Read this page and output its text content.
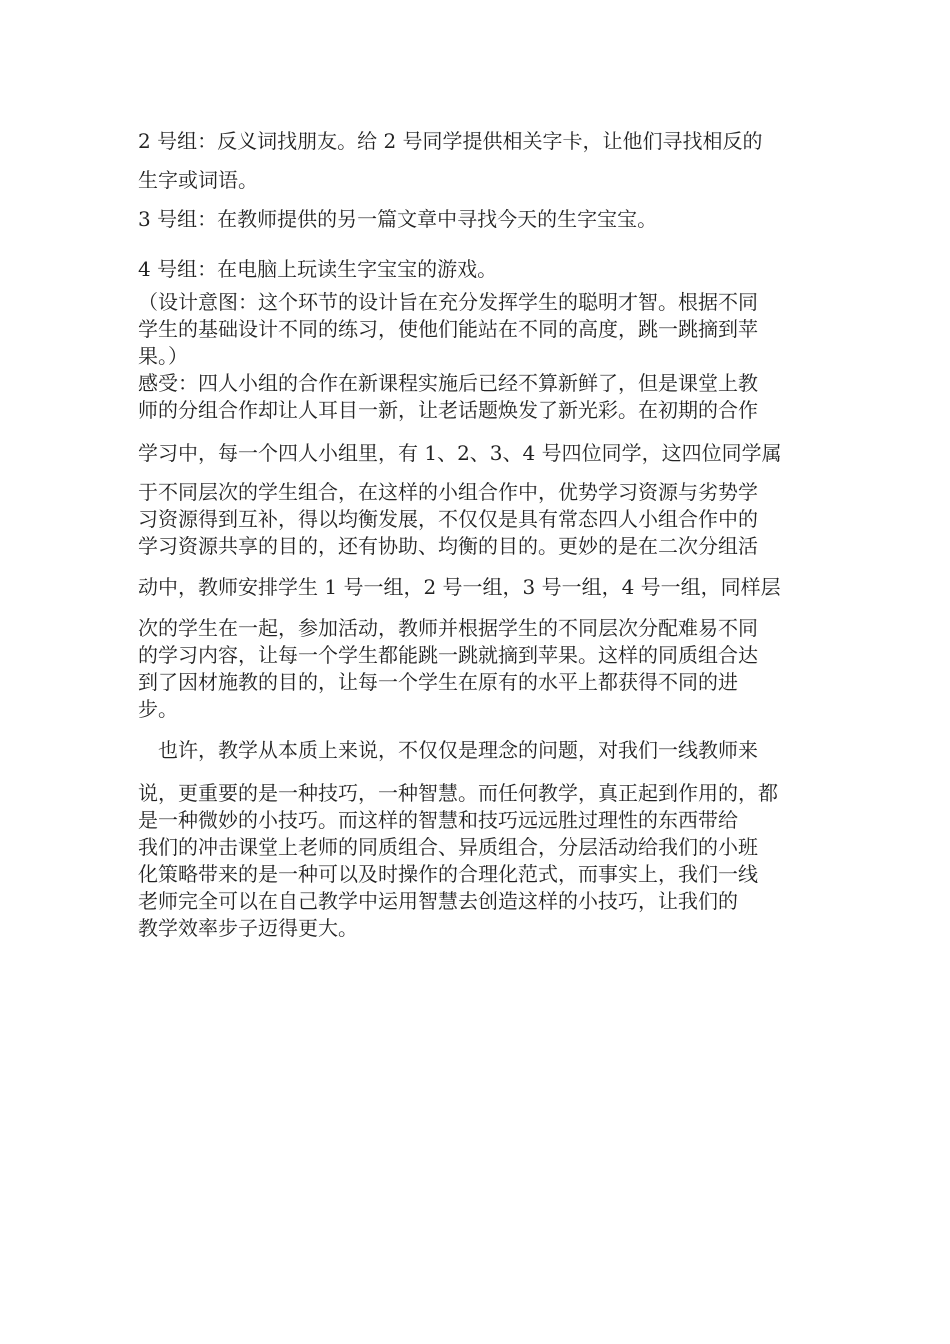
2 号组：反义词找朋友。给 2 号同学提供相关字卡，让他们寻找相反的
生字或词语。
3 号组：在教师提供的另一篇文章中寻找今天的生字宝宝。
4 号组：在电脑上玩读生字宝宝的游戏。
（设计意图：这个环节的设计旨在充分发挥学生的聪明才智。根据不同
学生的基础设计不同的练习，使他们能站在不同的高度，跳一跳摘到苹
果。）
感受：四人小组的合作在新课程实施后已经不算新鲜了，但是课堂上教
师的分组合作却让人耳目一新，让老话题焕发了新光彩。在初期的合作
学习中，每一个四人小组里，有 1、2、3、4 号四位同学，这四位同学属
于不同层次的学生组合，在这样的小组合作中，优势学习资源与劣势学
习资源得到互补，得以均衡发展，不仅仅是具有常态四人小组合作中的
学习资源共享的目的，还有协助、均衡的目的。更妙的是在二次分组活
动中，教师安排学生 1 号一组，2 号一组，3 号一组，4 号一组，同样层
次的学生在一起，参加活动，教师并根据学生的不同层次分配难易不同
的学习内容，让每一个学生都能跳一跳就摘到苹果。这样的同质组合达
到了因材施教的目的，让每一个学生在原有的水平上都获得不同的进
步。
　也许，教学从本质上来说，不仅仅是理念的问题，对我们一线教师来
说，更重要的是一种技巧，一种智慧。而任何教学，真正起到作用的，都
是一种微妙的小技巧。而这样的智慧和技巧远远胜过理性的东西带给
我们的冲击课堂上老师的同质组合、异质组合，分层活动给我们的小班
化策略带来的是一种可以及时操作的合理化范式，而事实上，我们一线
老师完全可以在自己教学中运用智慧去创造这样的小技巧，让我们的
教学效率步子迈得更大。
